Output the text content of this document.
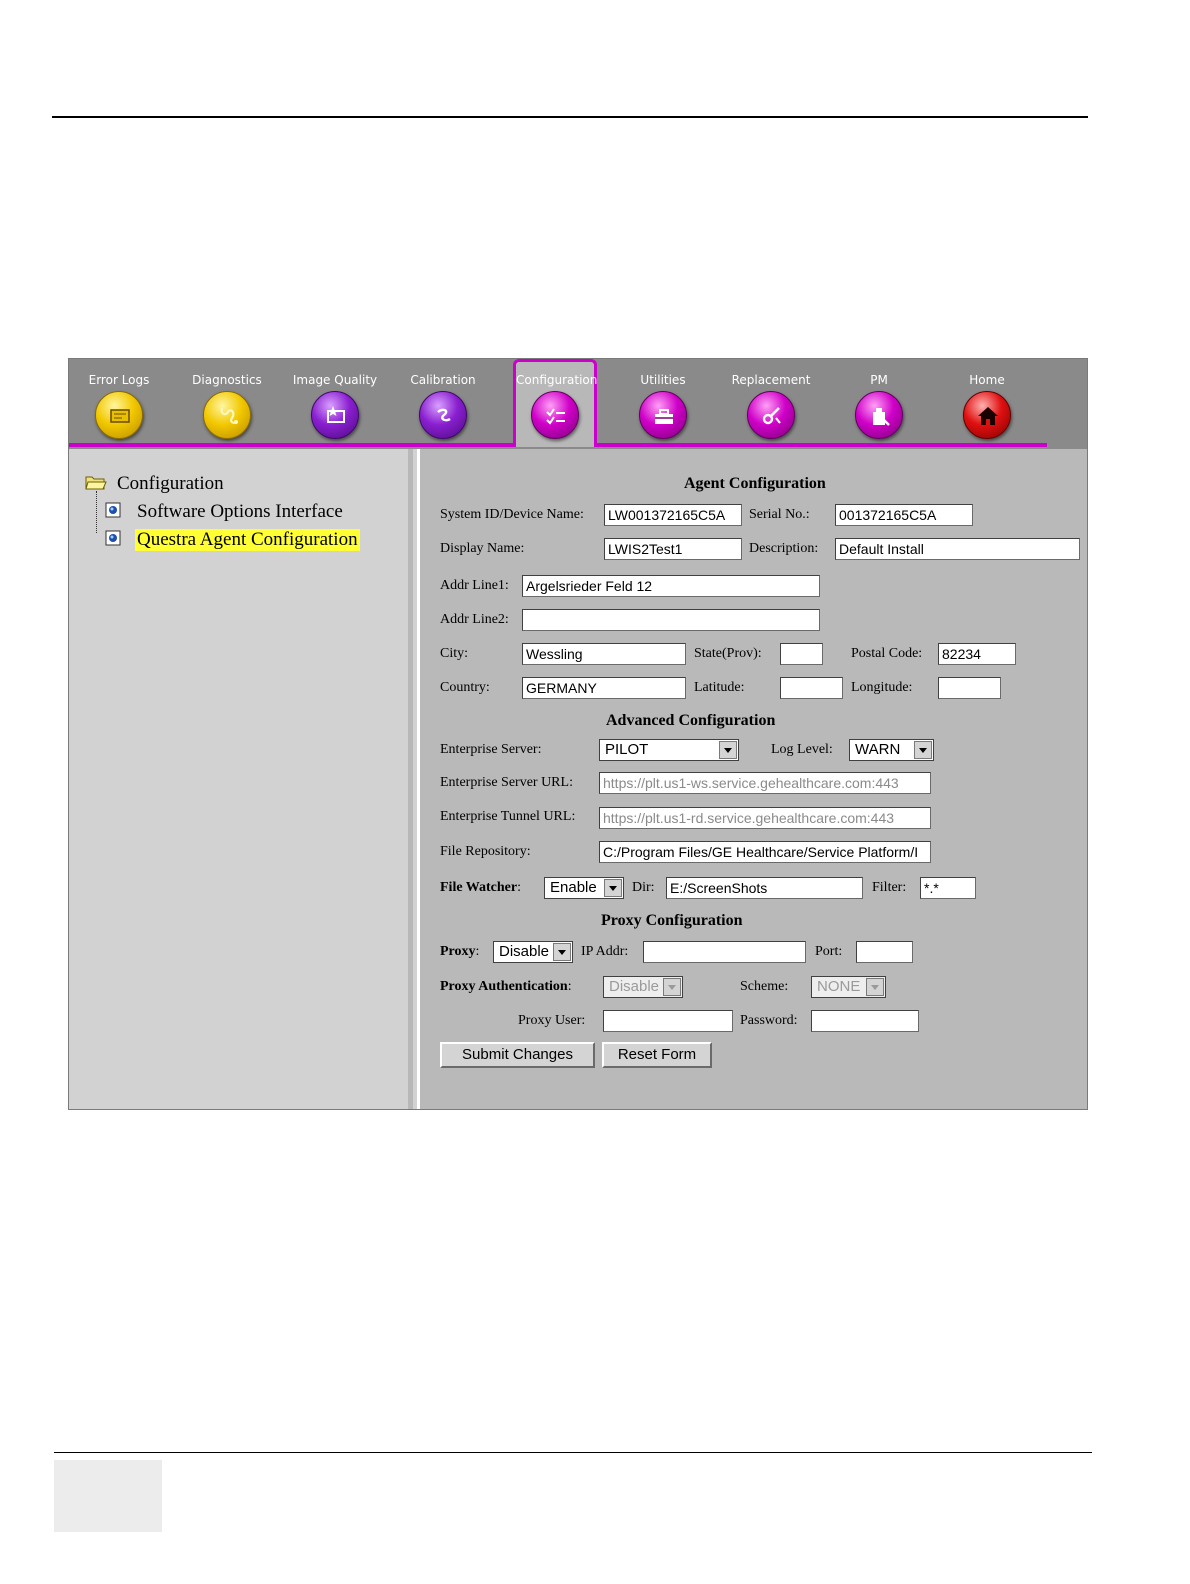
Error Logs	Diagnostics	Image Quality	Calibration	Configuration	Utilities	Replacement	PM	Home
Configuration
Software Options Interface
Questra Agent Configuration
Agent Configuration
System ID/Device Name: LW001372165C5A	Serial No.: 001372165C5A
Display Name:	LWIS2Test1	Description: Default Install
Addr Line1: Argelsrieder Feld 12
Addr Line2:
City:	Wessling	State(Prov):	Postal Code: 82234
Country:	GERMANY	Latitude:	Longitude:
Advanced Configuration
Enterprise Server:	PILOT	Log Level:	WARN
Enterprise Server URL: https://plt.us1-ws.service.gehealthcare.com:443
Enterprise Tunnel URL: https://plt.us1-rd.service.gehealthcare.com:443
File Repository:	C:/Program Files/GE Healthcare/Service Platform/I
File Watcher:	Enable	Dir: E:/ScreenShots	Filter: *.*
Proxy Configuration
Proxy:	Disable	IP Addr:	Port:
Proxy Authentication:	Disable	Scheme:	NONE
Proxy User:	Password:
Submit Changes	Reset Form
